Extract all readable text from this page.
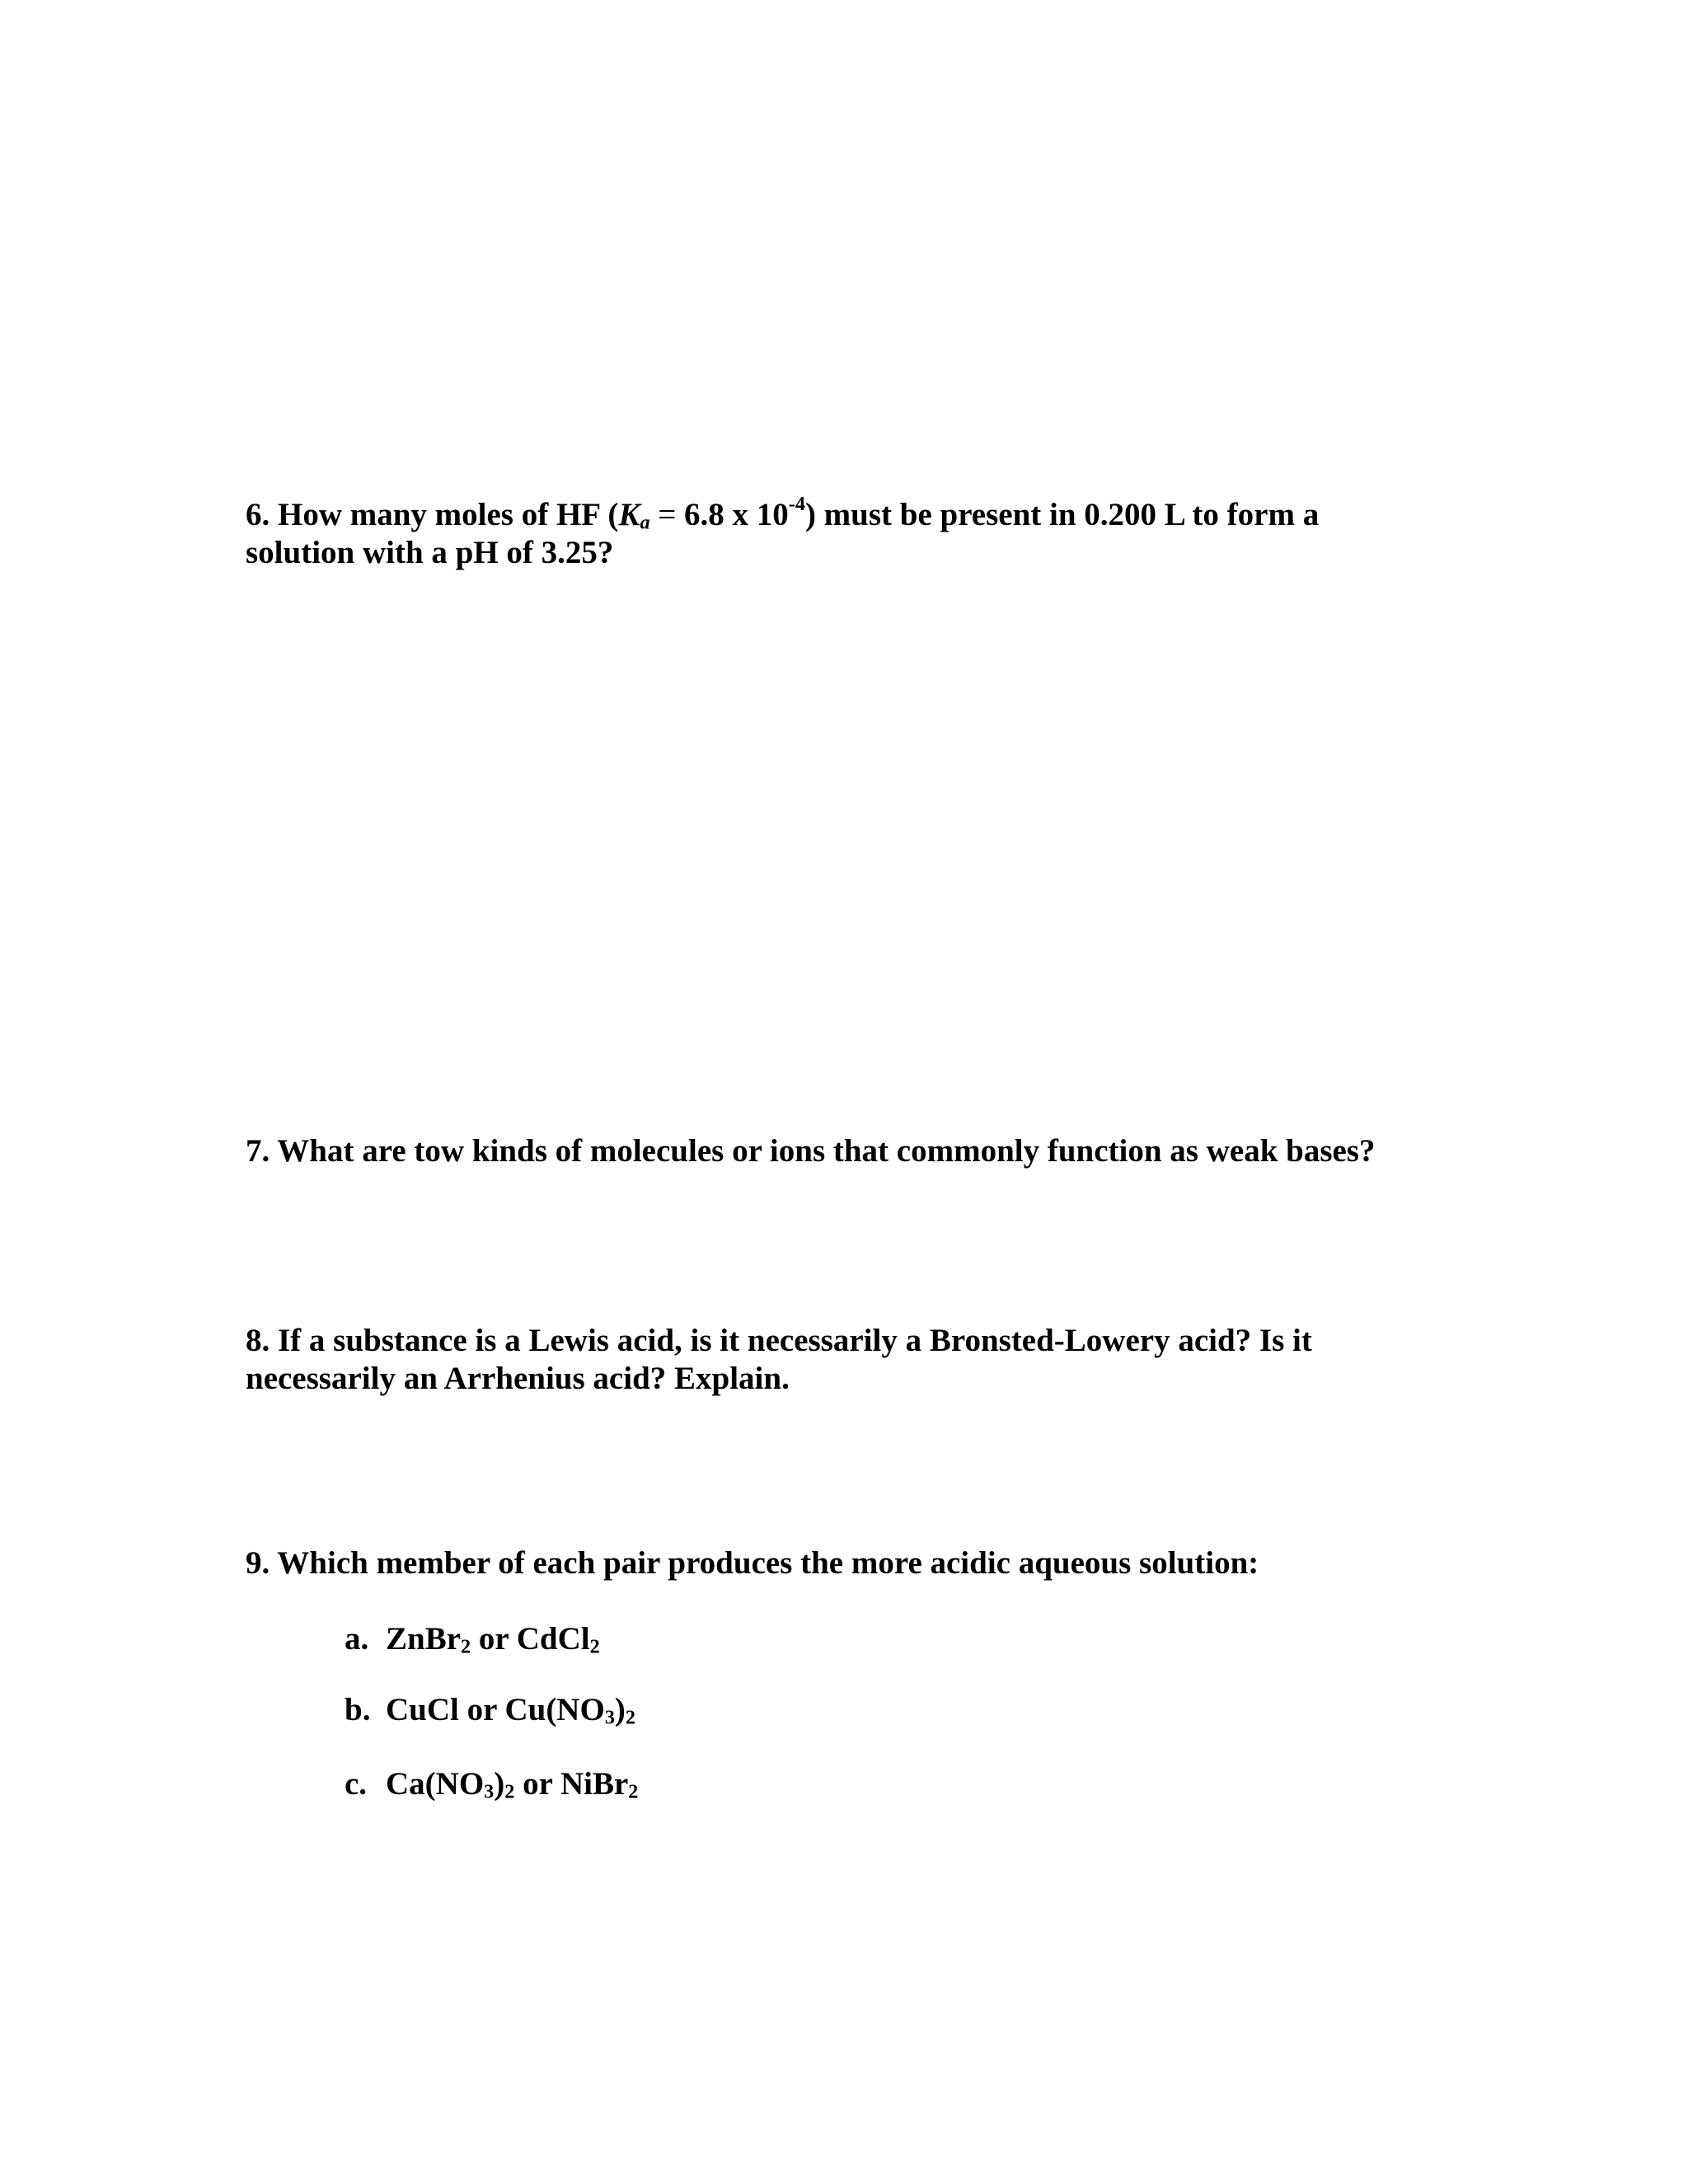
6. How many moles of HF (Ka = 6.8 x $10^{-4}$) must be present in 0.200 L to form a

solution with a pH of 3.25?

7. What are tow kinds of molecules or ions that commonly function as weak bases?

8. If a substance is a Lewis acid, is it necessarily a Bronsted-Lowery acid? Is it

necessarily an Arrhenius acid? Explain.

9. Which member of each pair produces the more acidic aqueous solution:

a. ZnBr2 or CdCl2

b. CuCl or Cu(NO3)2

c. Ca(NO3)2 or NiBr2
